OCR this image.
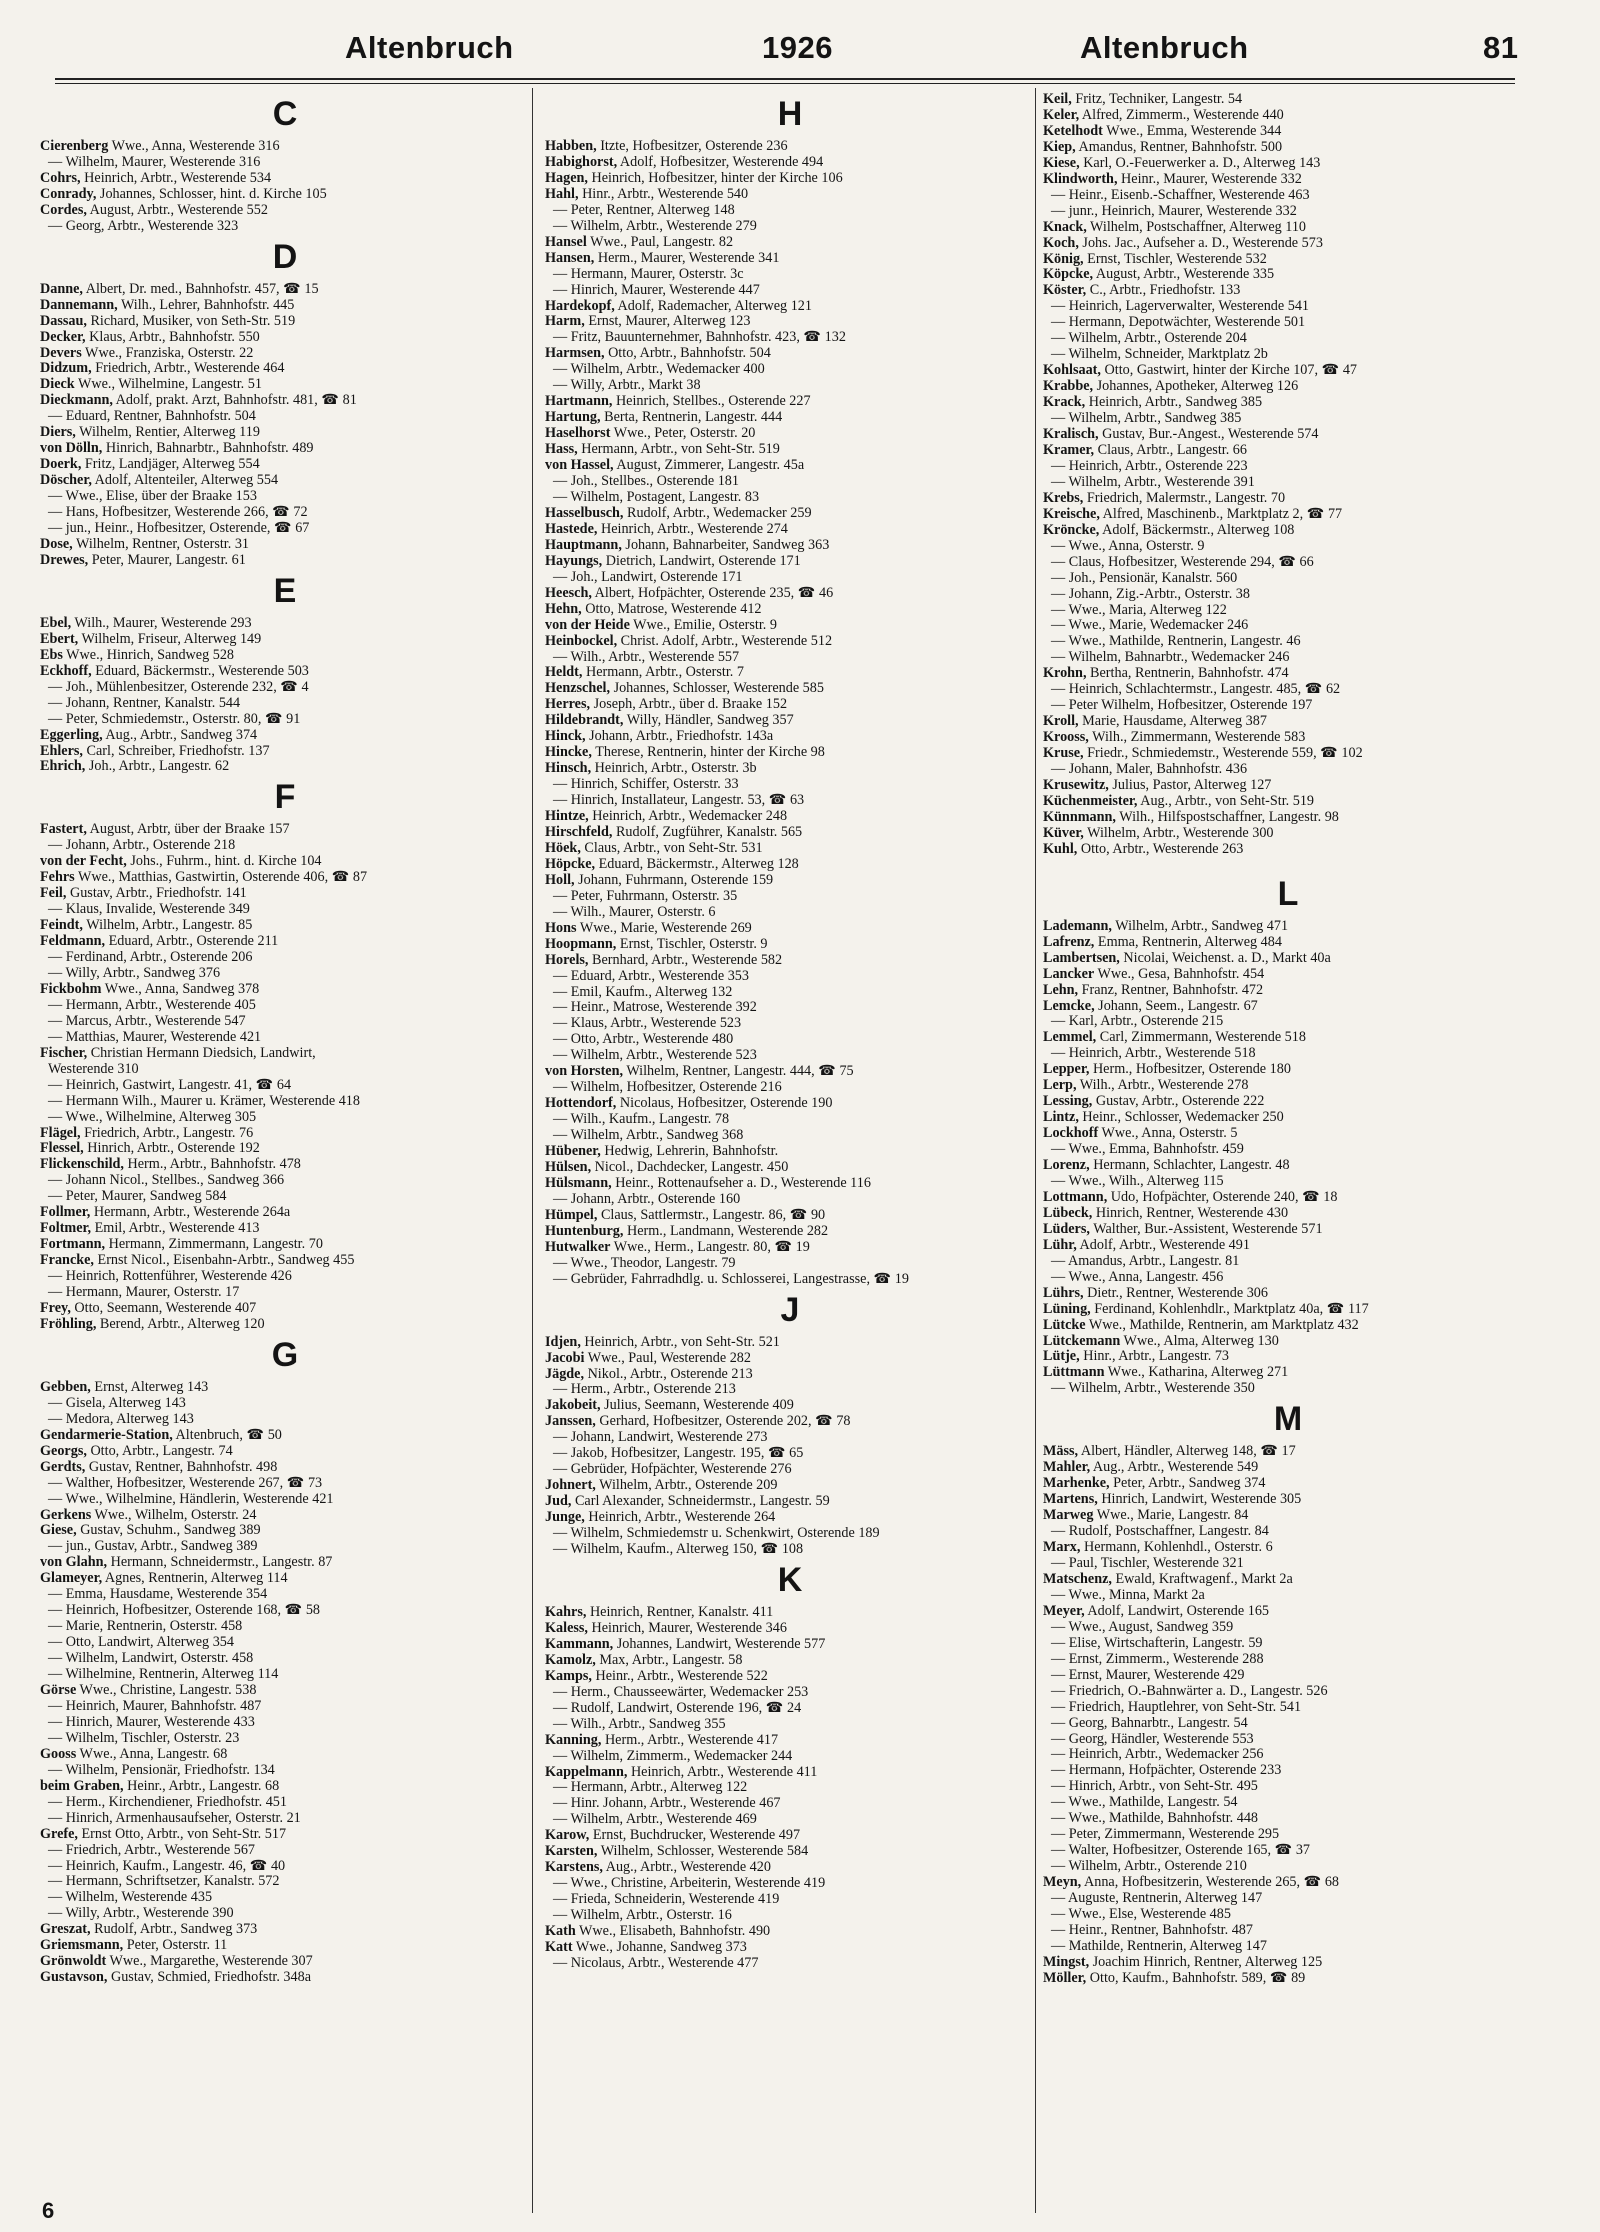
Altenbruch	1926	Altenbruch	81
C
Cierenberg Wwe., Anna, Westerende 316
— Wilhelm, Maurer, Westerende 316
Cohrs, Heinrich, Arbtr., Westerende 534
Conrady, Johannes, Schlosser, hint. d. Kirche 105
Cordes, August, Arbtr., Westerende 552
— Georg, Arbtr., Westerende 323
D
Danne, Albert, Dr. med., Bahnhofstr. 457, ☎ 15
Dannemann, Wilh., Lehrer, Bahnhofstr. 445
Dassau, Richard, Musiker, von Seth-Str. 519
Decker, Klaus, Arbtr., Bahnhofstr. 550
Devers Wwe., Franziska, Osterstr. 22
Didzum, Friedrich, Arbtr., Westerende 464
Dieck Wwe., Wilhelmine, Langestr. 51
Dieckmann, Adolf, prakt. Arzt, Bahnhofstr. 481, ☎ 81
— Eduard, Rentner, Bahnhofstr. 504
Diers, Wilhelm, Rentier, Alterweg 119
von Dölln, Hinrich, Bahnarbtr., Bahnhofstr. 489
Doerk, Fritz, Landjäger, Alterweg 554
Döscher, Adolf, Altenteiler, Alterweg 554
— Wwe., Elise, über der Braake 153
— Hans, Hofbesitzer, Westerende 266, ☎ 72
— jun., Heinr., Hofbesitzer, Osterende, ☎ 67
Dose, Wilhelm, Rentner, Osterstr. 31
Drewes, Peter, Maurer, Langestr. 61
E
Ebel, Wilh., Maurer, Westerende 293
Ebert, Wilhelm, Friseur, Alterweg 149
Ebs Wwe., Hinrich, Sandweg 528
Eckhoff, Eduard, Bäckermstr., Westerende 503
— Joh., Mühlenbesitzer, Osterende 232, ☎ 4
— Johann, Rentner, Kanalstr. 544
— Peter, Schmiedemstr., Osterstr. 80, ☎ 91
Eggerling, Aug., Arbtr., Sandweg 374
Ehlers, Carl, Schreiber, Friedhofstr. 137
Ehrich, Joh., Arbtr., Langestr. 62
F
Fastert, August, Arbtr, über der Braake 157
— Johann, Arbtr., Osterende 218
von der Fecht, Johs., Fuhrm., hint. d. Kirche 104
Fehrs Wwe., Matthias, Gastwirtin, Osterende 406, ☎ 87
Feil, Gustav, Arbtr., Friedhofstr. 141
— Klaus, Invalide, Westerende 349
Feindt, Wilhelm, Arbtr., Langestr. 85
Feldmann, Eduard, Arbtr., Osterende 211
— Ferdinand, Arbtr., Osterende 206
— Willy, Arbtr., Sandweg 376
Fickbohm Wwe., Anna, Sandweg 378
— Hermann, Arbtr., Westerende 405
— Marcus, Arbtr., Westerende 547
— Matthias, Maurer, Westerende 421
Fischer, Christian Hermann Diedsich, Landwirt,
Westerende 310
— Heinrich, Gastwirt, Langestr. 41, ☎ 64
— Hermann Wilh., Maurer u. Krämer, Westerende 418
— Wwe., Wilhelmine, Alterweg 305
Flägel, Friedrich, Arbtr., Langestr. 76
Flessel, Hinrich, Arbtr., Osterende 192
Flickenschild, Herm., Arbtr., Bahnhofstr. 478
— Johann Nicol., Stellbes., Sandweg 366
— Peter, Maurer, Sandweg 584
Follmer, Hermann, Arbtr., Westerende 264a
Foltmer, Emil, Arbtr., Westerende 413
Fortmann, Hermann, Zimmermann, Langestr. 70
Francke, Ernst Nicol., Eisenbahn-Arbtr., Sandweg 455
— Heinrich, Rottenführer, Westerende 426
— Hermann, Maurer, Osterstr. 17
Frey, Otto, Seemann, Westerende 407
Fröhling, Berend, Arbtr., Alterweg 120
G
Gebben, Ernst, Alterweg 143
— Gisela, Alterweg 143
— Medora, Alterweg 143
Gendarmerie-Station, Altenbruch, ☎ 50
Georgs, Otto, Arbtr., Langestr. 74
Gerdts, Gustav, Rentner, Bahnhofstr. 498
— Walther, Hofbesitzer, Westerende 267, ☎ 73
— Wwe., Wilhelmine, Händlerin, Westerende 421
Gerkens Wwe., Wilhelm, Osterstr. 24
Giese, Gustav, Schuhm., Sandweg 389
— jun., Gustav, Arbtr., Sandweg 389
von Glahn, Hermann, Schneidermstr., Langestr. 87
Glameyer, Agnes, Rentnerin, Alterweg 114
— Emma, Hausdame, Westerende 354
— Heinrich, Hofbesitzer, Osterende 168, ☎ 58
— Marie, Rentnerin, Osterstr. 458
— Otto, Landwirt, Alterweg 354
— Wilhelm, Landwirt, Osterstr. 458
— Wilhelmine, Rentnerin, Alterweg 114
Görse Wwe., Christine, Langestr. 538
— Heinrich, Maurer, Bahnhofstr. 487
— Hinrich, Maurer, Westerende 433
— Wilhelm, Tischler, Osterstr. 23
Gooss Wwe., Anna, Langestr. 68
— Wilhelm, Pensionär, Friedhofstr. 134
beim Graben, Heinr., Arbtr., Langestr. 68
— Herm., Kirchendiener, Friedhofstr. 451
— Hinrich, Armenhausaufseher, Osterstr. 21
Grefe, Ernst Otto, Arbtr., von Seht-Str. 517
— Friedrich, Arbtr., Westerende 567
— Heinrich, Kaufm., Langestr. 46, ☎ 40
— Hermann, Schriftsetzer, Kanalstr. 572
— Wilhelm, Westerende 435
— Willy, Arbtr., Westerende 390
Greszat, Rudolf, Arbtr., Sandweg 373
Griemsmann, Peter, Osterstr. 11
Grönwoldt Wwe., Margarethe, Westerende 307
Gustavson, Gustav, Schmied, Friedhofstr. 348a
H
Habben, Itzte, Hofbesitzer, Osterende 236
Habighorst, Adolf, Hofbesitzer, Westerende 494
Hagen, Heinrich, Hofbesitzer, hinter der Kirche 106
Hahl, Hinr., Arbtr., Westerende 540
— Peter, Rentner, Alterweg 148
— Wilhelm, Arbtr., Westerende 279
Hansel Wwe., Paul, Langestr. 82
Hansen, Herm., Maurer, Westerende 341
— Hermann, Maurer, Osterstr. 3c
— Hinrich, Maurer, Westerende 447
Hardekopf, Adolf, Rademacher, Alterweg 121
Harm, Ernst, Maurer, Alterweg 123
— Fritz, Bauunternehmer, Bahnhofstr. 423, ☎ 132
Harmsen, Otto, Arbtr., Bahnhofstr. 504
— Wilhelm, Arbtr., Wedemacker 400
— Willy, Arbtr., Markt 38
Hartmann, Heinrich, Stellbes., Osterende 227
Hartung, Berta, Rentnerin, Langestr. 444
Haselhorst Wwe., Peter, Osterstr. 20
Hass, Hermann, Arbtr., von Seht-Str. 519
von Hassel, August, Zimmerer, Langestr. 45a
— Joh., Stellbes., Osterende 181
— Wilhelm, Postagent, Langestr. 83
Hasselbusch, Rudolf, Arbtr., Wedemacker 259
Hastede, Heinrich, Arbtr., Westerende 274
Hauptmann, Johann, Bahnarbeiter, Sandweg 363
Hayungs, Dietrich, Landwirt, Osterende 171
— Joh., Landwirt, Osterende 171
Heesch, Albert, Hofpächter, Osterende 235, ☎ 46
Hehn, Otto, Matrose, Westerende 412
von der Heide Wwe., Emilie, Osterstr. 9
Heinbockel, Christ. Adolf, Arbtr., Westerende 512
— Wilh., Arbtr., Westerende 557
Heldt, Hermann, Arbtr., Osterstr. 7
Henzschel, Johannes, Schlosser, Westerende 585
Herres, Joseph, Arbtr., über d. Braake 152
Hildebrandt, Willy, Händler, Sandweg 357
Hinck, Johann, Arbtr., Friedhofstr. 143a
Hincke, Therese, Rentnerin, hinter der Kirche 98
Hinsch, Heinrich, Arbtr., Osterstr. 3b
— Hinrich, Schiffer, Osterstr. 33
— Hinrich, Installateur, Langestr. 53, ☎ 63
Hintze, Heinrich, Arbtr., Wedemacker 248
Hirschfeld, Rudolf, Zugführer, Kanalstr. 565
Höek, Claus, Arbtr., von Seht-Str. 531
Höpcke, Eduard, Bäckermstr., Alterweg 128
Holl, Johann, Fuhrmann, Osterende 159
— Peter, Fuhrmann, Osterstr. 35
— Wilh., Maurer, Osterstr. 6
Hons Wwe., Marie, Westerende 269
Hoopmann, Ernst, Tischler, Osterstr. 9
Horels, Bernhard, Arbtr., Westerende 582
— Eduard, Arbtr., Westerende 353
— Emil, Kaufm., Alterweg 132
— Heinr., Matrose, Westerende 392
— Klaus, Arbtr., Westerende 523
— Otto, Arbtr., Westerende 480
— Wilhelm, Arbtr., Westerende 523
von Horsten, Wilhelm, Rentner, Langestr. 444, ☎ 75
— Wilhelm, Hofbesitzer, Osterende 216
Hottendorf, Nicolaus, Hofbesitzer, Osterende 190
— Wilh., Kaufm., Langestr. 78
— Wilhelm, Arbtr., Sandweg 368
Hübener, Hedwig, Lehrerin, Bahnhofstr.
Hülsen, Nicol., Dachdecker, Langestr. 450
Hülsmann, Heinr., Rottenaufseher a. D., Westerende 116
— Johann, Arbtr., Osterende 160
Hümpel, Claus, Sattlermstr., Langestr. 86, ☎ 90
Huntenburg, Herm., Landmann, Westerende 282
Hutwalker Wwe., Herm., Langestr. 80, ☎ 19
— Wwe., Theodor, Langestr. 79
— Gebrüder, Fahrradhdlg. u. Schlosserei, Langestrasse, ☎ 19
J
Idjen, Heinrich, Arbtr., von Seht-Str. 521
Jacobi Wwe., Paul, Westerende 282
Jägde, Nikol., Arbtr., Osterende 213
— Herm., Arbtr., Osterende 213
Jakobeit, Julius, Seemann, Westerende 409
Janssen, Gerhard, Hofbesitzer, Osterende 202, ☎ 78
— Johann, Landwirt, Westerende 273
— Jakob, Hofbesitzer, Langestr. 195, ☎ 65
— Gebrüder, Hofpächter, Westerende 276
Johnert, Wilhelm, Arbtr., Osterende 209
Jud, Carl Alexander, Schneidermstr., Langestr. 59
Junge, Heinrich, Arbtr., Westerende 264
— Wilhelm, Schmiedemstr u. Schenkwirt, Osterende 189
— Wilhelm, Kaufm., Alterweg 150, ☎ 108
K
Kahrs, Heinrich, Rentner, Kanalstr. 411
Kaless, Heinrich, Maurer, Westerende 346
Kammann, Johannes, Landwirt, Westerende 577
Kamolz, Max, Arbtr., Langestr. 58
Kamps, Heinr., Arbtr., Westerende 522
— Herm., Chausseewärter, Wedemacker 253
— Rudolf, Landwirt, Osterende 196, ☎ 24
— Wilh., Arbtr., Sandweg 355
Kanning, Herm., Arbtr., Westerende 417
— Wilhelm, Zimmerm., Wedemacker 244
Kappelmann, Heinrich, Arbtr., Westerende 411
— Hermann, Arbtr., Alterweg 122
— Hinr. Johann, Arbtr., Westerende 467
— Wilhelm, Arbtr., Westerende 469
Karow, Ernst, Buchdrucker, Westerende 497
Karsten, Wilhelm, Schlosser, Westerende 584
Karstens, Aug., Arbtr., Westerende 420
— Wwe., Christine, Arbeiterin, Westerende 419
— Frieda, Schneiderin, Westerende 419
— Wilhelm, Arbtr., Osterstr. 16
Kath Wwe., Elisabeth, Bahnhofstr. 490
Katt Wwe., Johanne, Sandweg 373
— Nicolaus, Arbtr., Westerende 477
Keil, Fritz, Techniker, Langestr. 54
Keler, Alfred, Zimmerm., Westerende 440
Ketelhodt Wwe., Emma, Westerende 344
Kiep, Amandus, Rentner, Bahnhofstr. 500
Kiese, Karl, O.-Feuerwerker a. D., Alterweg 143
Klindworth, Heinr., Maurer, Westerende 332
— Heinr., Eisenb.-Schaffner, Westerende 463
— junr., Heinrich, Maurer, Westerende 332
Knack, Wilhelm, Postschaffner, Alterweg 110
Koch, Johs. Jac., Aufseher a. D., Westerende 573
König, Ernst, Tischler, Westerende 532
Köpcke, August, Arbtr., Westerende 335
Köster, C., Arbtr., Friedhofstr. 133
— Heinrich, Lagerverwalter, Westerende 541
— Hermann, Depotwächter, Westerende 501
— Wilhelm, Arbtr., Osterende 204
— Wilhelm, Schneider, Marktplatz 2b
Kohlsaat, Otto, Gastwirt, hinter der Kirche 107, ☎ 47
Krabbe, Johannes, Apotheker, Alterweg 126
Krack, Heinrich, Arbtr., Sandweg 385
— Wilhelm, Arbtr., Sandweg 385
Kralisch, Gustav, Bur.-Angest., Westerende 574
Kramer, Claus, Arbtr., Langestr. 66
— Heinrich, Arbtr., Osterende 223
— Wilhelm, Arbtr., Westerende 391
Krebs, Friedrich, Malermstr., Langestr. 70
Kreische, Alfred, Maschinenb., Marktplatz 2, ☎ 77
Kröncke, Adolf, Bäckermstr., Alterweg 108
— Wwe., Anna, Osterstr. 9
— Claus, Hofbesitzer, Westerende 294, ☎ 66
— Joh., Pensionär, Kanalstr. 560
— Johann, Zig.-Arbtr., Osterstr. 38
— Wwe., Maria, Alterweg 122
— Wwe., Marie, Wedemacker 246
— Wwe., Mathilde, Rentnerin, Langestr. 46
— Wilhelm, Bahnarbtr., Wedemacker 246
Krohn, Bertha, Rentnerin, Bahnhofstr. 474
— Heinrich, Schlachtermstr., Langestr. 485, ☎ 62
— Peter Wilhelm, Hofbesitzer, Osterende 197
Kroll, Marie, Hausdame, Alterweg 387
Krooss, Wilh., Zimmermann, Westerende 583
Kruse, Friedr., Schmiedemstr., Westerende 559, ☎ 102
— Johann, Maler, Bahnhofstr. 436
Krusewitz, Julius, Pastor, Alterweg 127
Küchenmeister, Aug., Arbtr., von Seht-Str. 519
Künnmann, Wilh., Hilfspostschaffner, Langestr. 98
Küver, Wilhelm, Arbtr., Westerende 300
Kuhl, Otto, Arbtr., Westerende 263
L
Lademann, Wilhelm, Arbtr., Sandweg 471
Lafrenz, Emma, Rentnerin, Alterweg 484
Lambertsen, Nicolai, Weichenst. a. D., Markt 40a
Lancker Wwe., Gesa, Bahnhofstr. 454
Lehn, Franz, Rentner, Bahnhofstr. 472
Lemcke, Johann, Seem., Langestr. 67
— Karl, Arbtr., Osterende 215
Lemmel, Carl, Zimmermann, Westerende 518
— Heinrich, Arbtr., Westerende 518
Lepper, Herm., Hofbesitzer, Osterende 180
Lerp, Wilh., Arbtr., Westerende 278
Lessing, Gustav, Arbtr., Osterende 222
Lintz, Heinr., Schlosser, Wedemacker 250
Lockhoff Wwe., Anna, Osterstr. 5
— Wwe., Emma, Bahnhofstr. 459
Lorenz, Hermann, Schlachter, Langestr. 48
— Wwe., Wilh., Alterweg 115
Lottmann, Udo, Hofpächter, Osterende 240, ☎ 18
Lübeck, Hinrich, Rentner, Westerende 430
Lüders, Walther, Bur.-Assistent, Westerende 571
Lühr, Adolf, Arbtr., Westerende 491
— Amandus, Arbtr., Langestr. 81
— Wwe., Anna, Langestr. 456
Lührs, Dietr., Rentner, Westerende 306
Lüning, Ferdinand, Kohlenhdlr., Marktplatz 40a, ☎ 117
Lütcke Wwe., Mathilde, Rentnerin, am Marktplatz 432
Lütckemann Wwe., Alma, Alterweg 130
Lütje, Hinr., Arbtr., Langestr. 73
Lüttmann Wwe., Katharina, Alterweg 271
— Wilhelm, Arbtr., Westerende 350
M
Mäss, Albert, Händler, Alterweg 148, ☎ 17
Mahler, Aug., Arbtr., Westerende 549
Marhenke, Peter, Arbtr., Sandweg 374
Martens, Hinrich, Landwirt, Westerende 305
Marweg Wwe., Marie, Langestr. 84
— Rudolf, Postschaffner, Langestr. 84
Marx, Hermann, Kohlenhdl., Osterstr. 6
— Paul, Tischler, Westerende 321
Matschenz, Ewald, Kraftwagenf., Markt 2a
— Wwe., Minna, Markt 2a
Meyer, Adolf, Landwirt, Osterende 165
— Wwe., August, Sandweg 359
— Elise, Wirtschafterin, Langestr. 59
— Ernst, Zimmerm., Westerende 288
— Ernst, Maurer, Westerende 429
— Friedrich, O.-Bahnwärter a. D., Langestr. 526
— Friedrich, Hauptlehrer, von Seht-Str. 541
— Georg, Bahnarbtr., Langestr. 54
— Georg, Händler, Westerende 553
— Heinrich, Arbtr., Wedemacker 256
— Hermann, Hofpächter, Osterende 233
— Hinrich, Arbtr., von Seht-Str. 495
— Wwe., Mathilde, Langestr. 54
— Wwe., Mathilde, Bahnhofstr. 448
— Peter, Zimmermann, Westerende 295
— Walter, Hofbesitzer, Osterende 165, ☎ 37
— Wilhelm, Arbtr., Osterende 210
Meyn, Anna, Hofbesitzerin, Westerende 265, ☎ 68
— Auguste, Rentnerin, Alterweg 147
— Wwe., Else, Westerende 485
— Heinr., Rentner, Bahnhofstr. 487
— Mathilde, Rentnerin, Alterweg 147
Mingst, Joachim Hinrich, Rentner, Alterweg 125
Möller, Otto, Kaufm., Bahnhofstr. 589, ☎ 89
6
